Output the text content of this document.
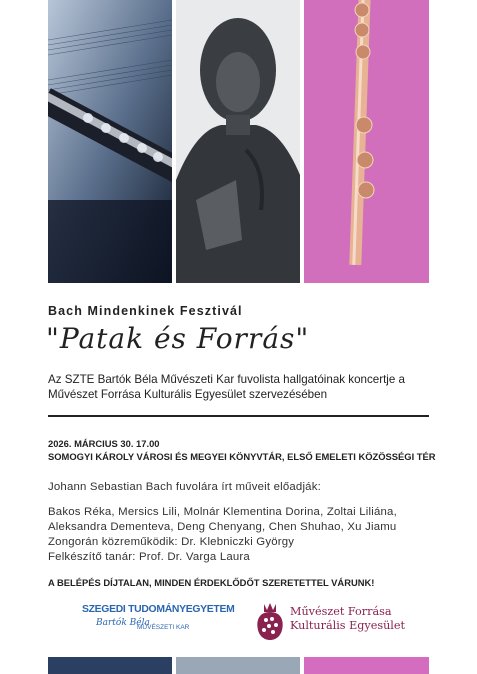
Bach Mindenkinek Fesztivál
"Patak és Forrás"
Az SZTE Bartók Béla Művészeti Kar fuvolista hallgatóinak koncertje a Művészet Forrása Kulturális Egyesület szervezésében
2026. MÁRCIUS 30. 17.00
SOMOGYI KÁROLY VÁROSI ÉS MEGYEI KÖNYVTÁR, ELSŐ EMELETI KÖZÖSSÉGI TÉR
Johann Sebastian Bach fuvolára írt műveit előadják:
Bakos Réka, Mersics Lili, Molnár Klementina Dorina, Zoltai Liliána,
Aleksandra Dementeva, Deng Chenyang, Chen Shuhao, Xu Jiamu
Zongorán közreműködik: Dr. Klebniczki György
Felkészítő tanár: Prof. Dr. Varga Laura
A BELÉPÉS DÍJTALAN, MINDEN ÉRDEKLŐDŐT SZERETETTEL VÁRUNK!
SZEGEDI TUDOMÁNYEGYETEM
Bartók Béla
MŰVÉSZETI KAR
Művészet Forrása
Kulturális Egyesület
